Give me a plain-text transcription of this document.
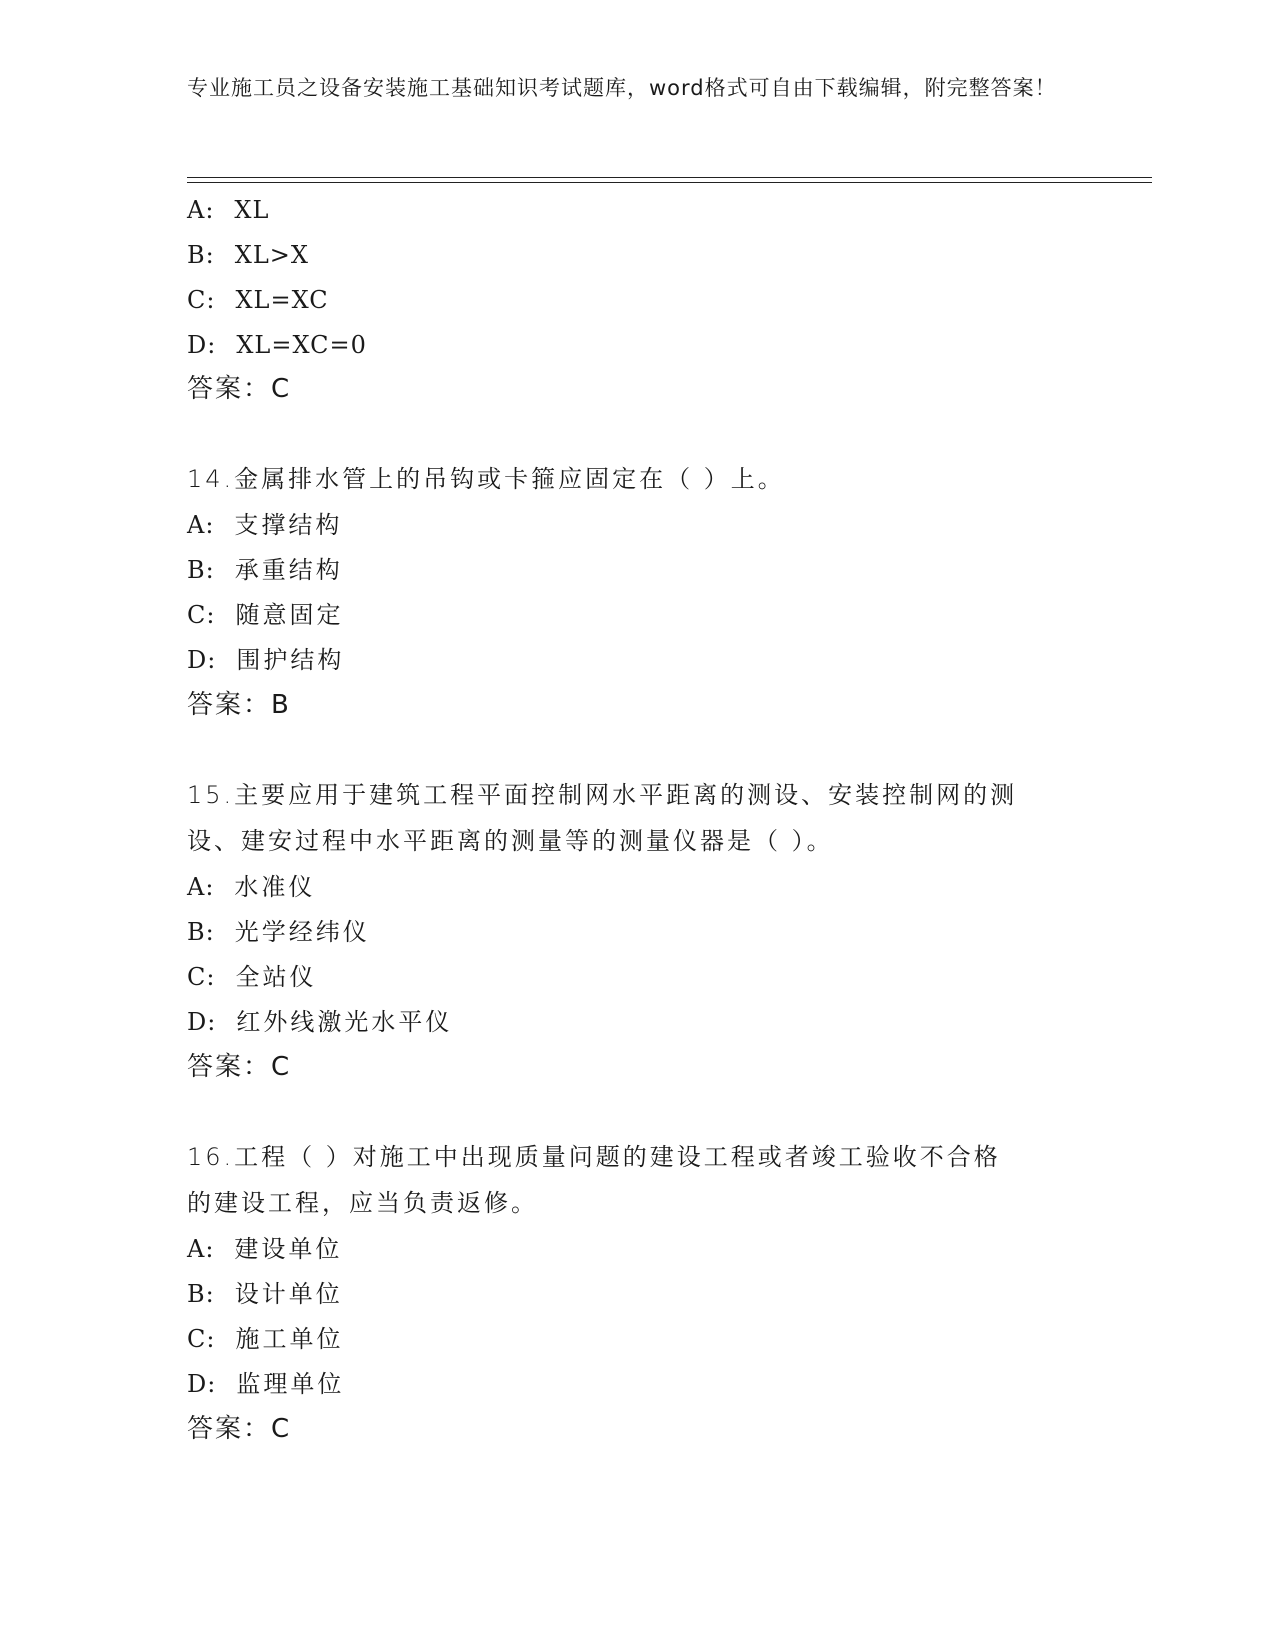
专业施工员之设备安装施工基础知识考试题库，word格式可自由下载编辑，附完整答案！
A: XL
B: XL>X
C: XL=XC
D: XL=XC=0
答案：C
14.金属排水管上的吊钩或卡箍应固定在（ ）上。
A: 支撑结构
B: 承重结构
C: 随意固定
D: 围护结构
答案：B
15.主要应用于建筑工程平面控制网水平距离的测设、安装控制网的测
设、建安过程中水平距离的测量等的测量仪器是（ ）。
A: 水准仪
B: 光学经纬仪
C: 全站仪
D: 红外线激光水平仪
答案：C
16.工程（ ）对施工中出现质量问题的建设工程或者竣工验收不合格
的建设工程，应当负责返修。
A: 建设单位
B: 设计单位
C: 施工单位
D: 监理单位
答案：C
